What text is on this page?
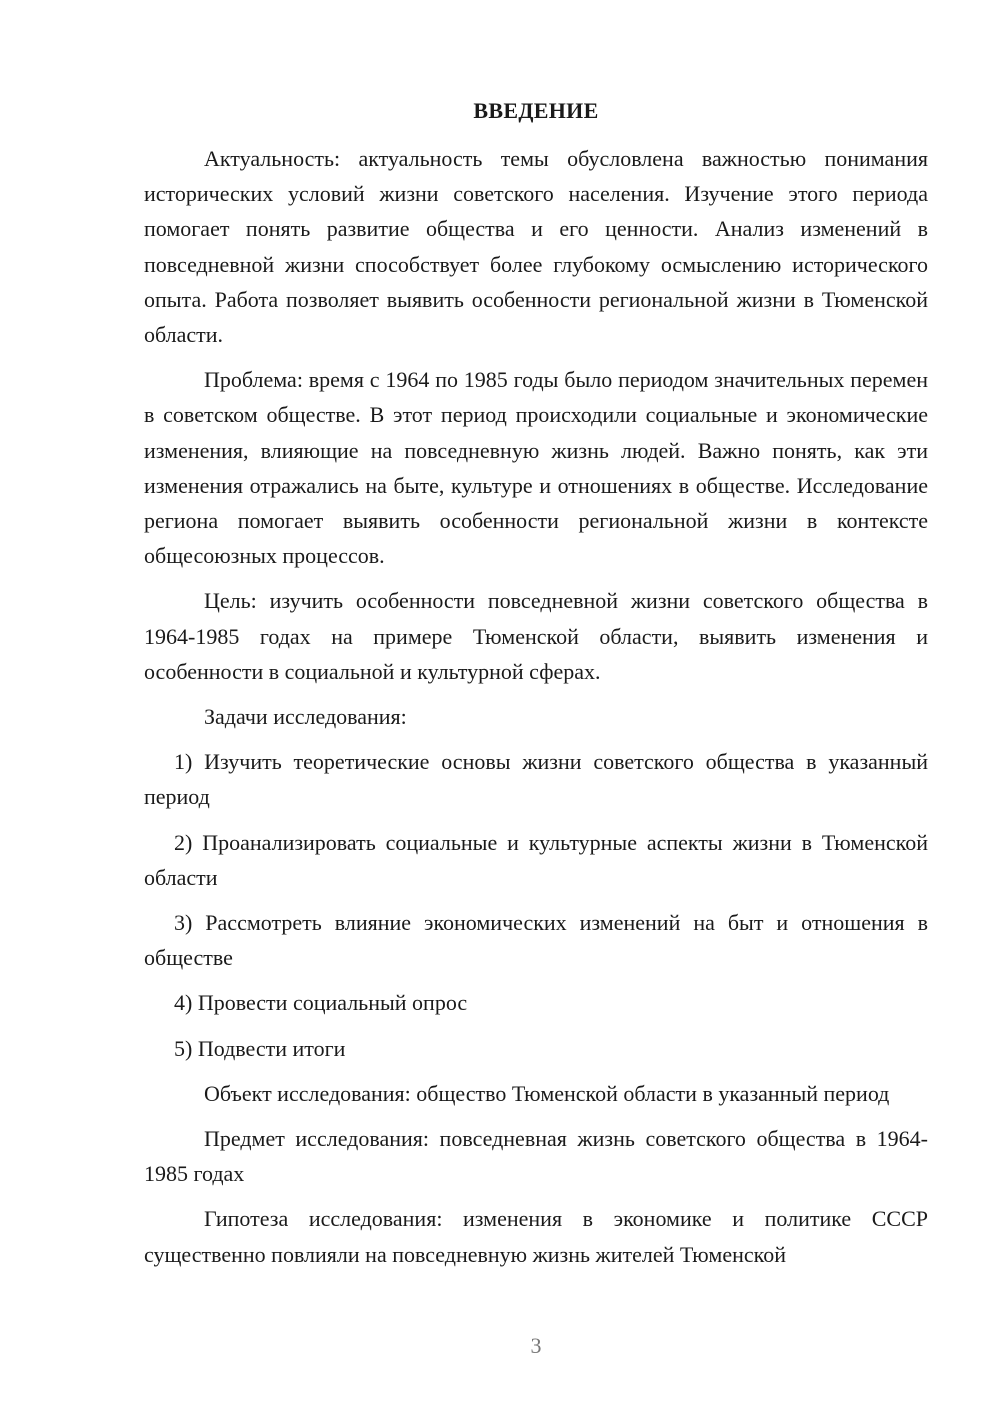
ВВЕДЕНИЕ

Актуальность: актуальность темы обусловлена важностью понимания исторических условий жизни советского населения. Изучение этого периода помогает понять развитие общества и его ценности. Анализ изменений в повседневной жизни способствует более глубокому осмыслению исторического опыта. Работа позволяет выявить особенности региональной жизни в Тюменской области.

Проблема: время с 1964 по 1985 годы было периодом значительных перемен в советском обществе. В этот период происходили социальные и экономические изменения, влияющие на повседневную жизнь людей. Важно понять, как эти изменения отражались на быте, культуре и отношениях в обществе. Исследование региона помогает выявить особенности региональной жизни в контексте общесоюзных процессов.

Цель: изучить особенности повседневной жизни советского общества в 1964-1985 годах на примере Тюменской области, выявить изменения и особенности в социальной и культурной сферах.

Задачи исследования:

1) Изучить теоретические основы жизни советского общества в указанный период

2) Проанализировать социальные и культурные аспекты жизни в Тюменской области

3) Рассмотреть влияние экономических изменений на быт и отношения в обществе

4) Провести социальный опрос

5) Подвести итоги

Объект исследования: общество Тюменской области в указанный период

Предмет исследования: повседневная жизнь советского общества в 1964-1985 годах

Гипотеза исследования: изменения в экономике и политике СССР существенно повлияли на повседневную жизнь жителей Тюменской

3
